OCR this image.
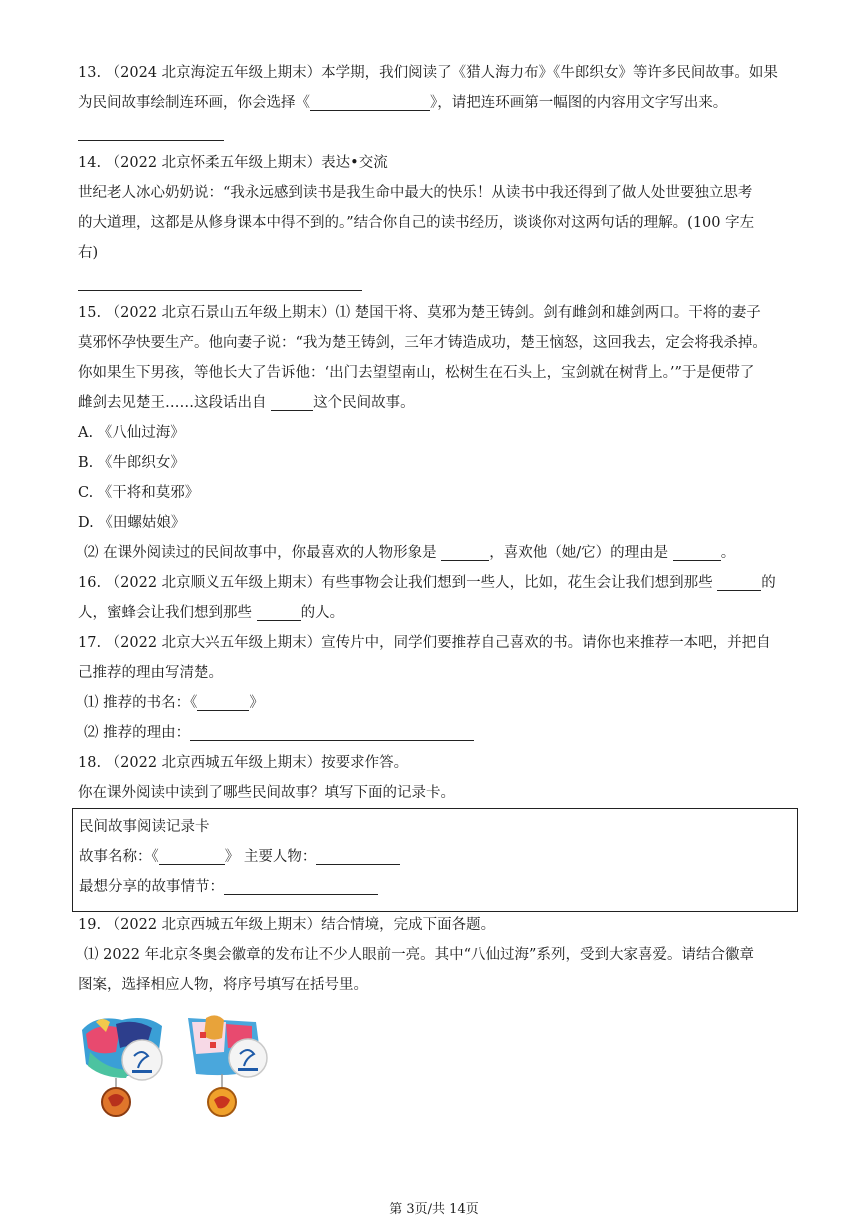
13. （2024 北京海淀五年级上期末）本学期，我们阅读了《猎人海力布》《牛郎织女》等许多民间故事。如果
为民间故事绘制连环画，你会选择《	》，请把连环画第一幅图的内容用文字写出来。
14. （2022 北京怀柔五年级上期末）表达•交流
世纪老人冰心奶奶说：“我永远感到读书是我生命中最大的快乐！从读书中我还得到了做人处世要独立思考
的大道理，这都是从修身课本中得不到的。”结合你自己的读书经历，谈谈你对这两句话的理解。(100 字左
右)
15. （2022 北京石景山五年级上期末）⑴ 楚国干将、莫邪为楚王铸剑。剑有雌剑和雄剑两口。干将的妻子
莫邪怀孕快要生产。他向妻子说：“我为楚王铸剑，三年才铸造成功，楚王恼怒，这回我去，定会将我杀掉。
你如果生下男孩，等他长大了告诉他：‘出门去望望南山，松树生在石头上，宝剑就在树背上。’”于是便带了
雌剑去见楚王……这段话出自	这个民间故事。
A. 《八仙过海》
B. 《牛郎织女》
C. 《干将和莫邪》
D. 《田螺姑娘》
⑵ 在课外阅读过的民间故事中，你最喜欢的人物形象是	，喜欢他（她/它）的理由是	。
16. （2022 北京顺义五年级上期末）有些事物会让我们想到一些人，比如，花生会让我们想到那些	的
人，蜜蜂会让我们想到那些	的人。
17. （2022 北京大兴五年级上期末）宣传片中，同学们要推荐自己喜欢的书。请你也来推荐一本吧，并把自
己推荐的理由写清楚。
⑴ 推荐的书名：《	》
⑵ 推荐的理由：
18. （2022 北京西城五年级上期末）按要求作答。
你在课外阅读中读到了哪些民间故事？填写下面的记录卡。
民间故事阅读记录卡
故事名称：《	》 主要人物：
最想分享的故事情节：
19. （2022 北京西城五年级上期末）结合情境，完成下面各题。
⑴ 2022 年北京冬奥会徽章的发布让不少人眼前一亮。其中“八仙过海”系列，受到大家喜爱。请结合徽章
图案，选择相应人物，将序号填写在括号里。
第 3页/共 14页
